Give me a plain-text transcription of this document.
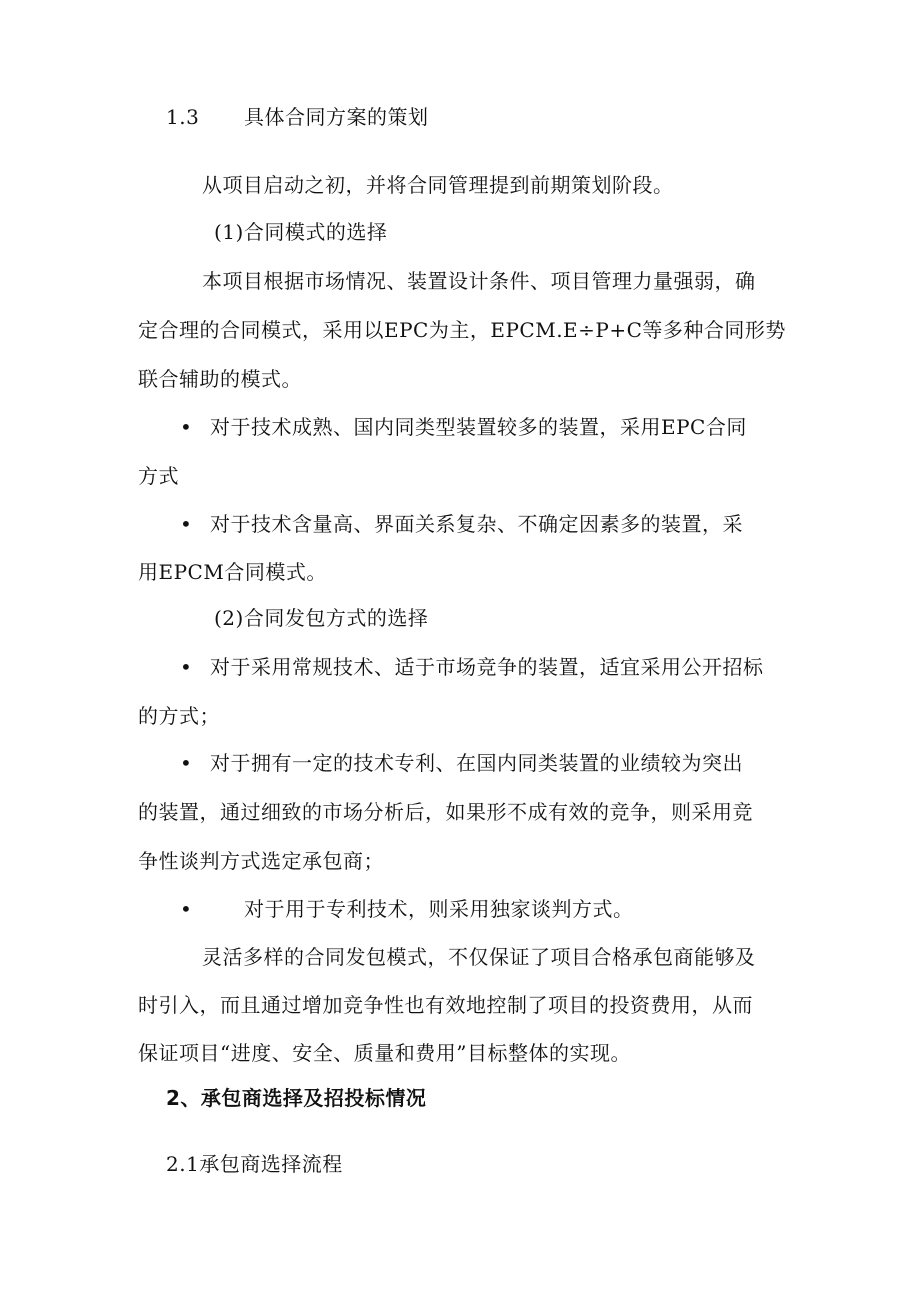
1.3 具体合同方案的策划
从项目启动之初，并将合同管理提到前期策划阶段。
(1)合同模式的选择
本项目根据市场情况、装置设计条件、项目管理力量强弱，确
定合理的合同模式，采用以EPC为主，EPCM.E÷P+C等多种合同形势
联合辅助的模式。
• 对于技术成熟、国内同类型装置较多的装置，采用EPC合同
方式
• 对于技术含量高、界面关系复杂、不确定因素多的装置，采
用EPCM合同模式。
(2)合同发包方式的选择
• 对于采用常规技术、适于市场竞争的装置，适宜采用公开招标
的方式；
• 对于拥有一定的技术专利、在国内同类装置的业绩较为突出
的装置，通过细致的市场分析后，如果形不成有效的竞争，则采用竞
争性谈判方式选定承包商；
•	对于用于专利技术，则采用独家谈判方式。
灵活多样的合同发包模式，不仅保证了项目合格承包商能够及
时引入，而且通过增加竞争性也有效地控制了项目的投资费用，从而
保证项目“进度、安全、质量和费用”目标整体的实现。
2、承包商选择及招投标情况
2.1承包商选择流程
